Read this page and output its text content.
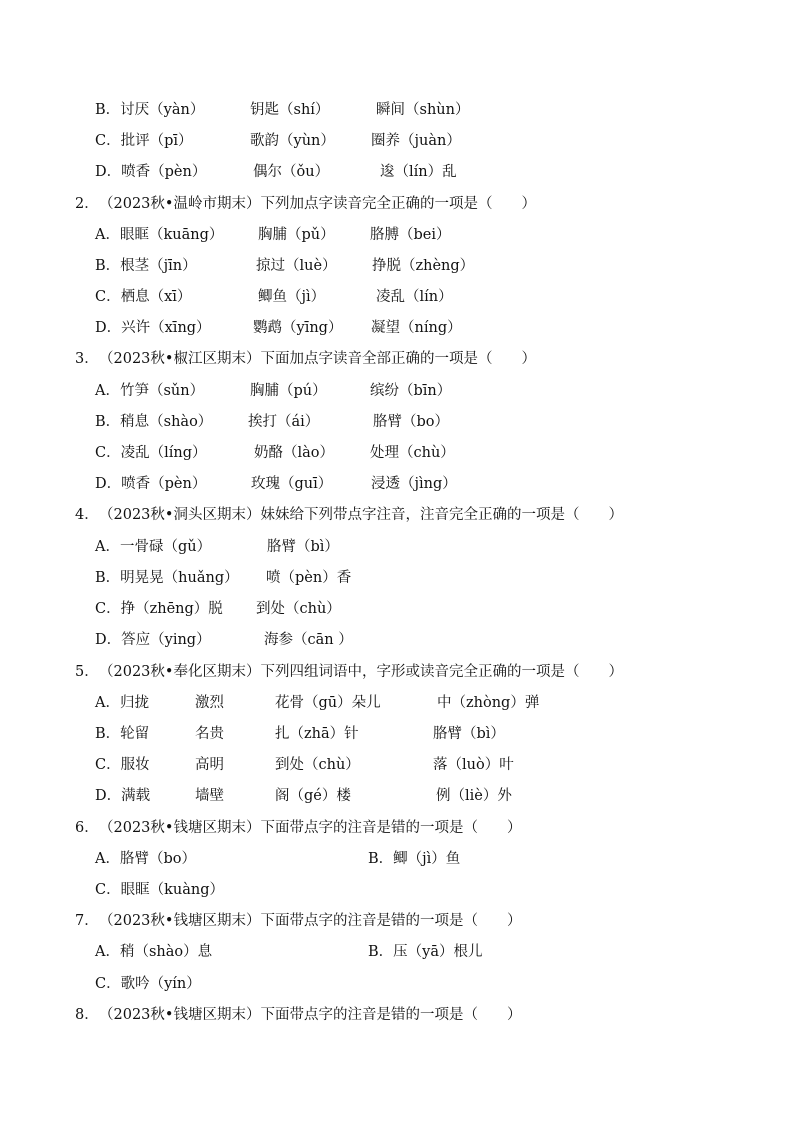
B．讨厌（yàn）	钥匙（shí）	瞬间（shùn）
C．批评（pī）	歌韵（yùn） 圈养（juàn）
D．喷香（pèn）	偶尔（ǒu）	逡（lín）乱
2．（2023秋•温岭市期末）下列加点字读音完全正确的一项是（　　）
A．眼眶（kuāng） 胸脯（pǔ） 胳膊（bei）
B．根茎（jīn）	掠过（luè） 挣脱（zhèng）
C．栖息（xī）	鲫鱼（jì）	凌乱（lín）
D．兴许（xīng）	鹦鹉（yīng） 凝望（níng）
3．（2023秋•椒江区期末）下面加点字读音全部正确的一项是（　　）
A．竹笋（sǔn）	胸脯（pú）	缤纷（bīn）
B．稍息（shào） 挨打（ái）	胳臂（bo）
C．凌乱（líng）	奶酪（lào） 处理（chù）
D．喷香（pèn）	玫瑰（guī）	浸透（jìng）
4．（2023秋•洞头区期末）妹妹给下列带点字注音，注音完全正确的一项是（　　）
A．一骨碌（gǔ）	胳臂（bì）
B．明晃晃（huǎng） 喷（pèn）香
C．挣（zhēng）脱 到处（chù）
D．答应（ying）	海参（cān ）
5．（2023秋•奉化区期末）下列四组词语中，字形或读音完全正确的一项是（　　）
A．归拢	激烈	花骨（gū）朵儿	中（zhòng）弹
B．轮留	名贵	扎（zhā）针	胳臂（bì）
C．服妆	高明	到处（chù）	落（luò）叶
D．满载	墙壁	阁（gé）楼	例（liè）外
6．（2023秋•钱塘区期末）下面带点字的注音是错的一项是（　　）
A．胳臂（bo）	B．鲫（jì）鱼
C．眼眶（kuàng）
7．（2023秋•钱塘区期末）下面带点字的注音是错的一项是（　　）
A．稍（shào）息	B．压（yā）根儿
C．歌吟（yín）
8．（2023秋•钱塘区期末）下面带点字的注音是错的一项是（　　）
